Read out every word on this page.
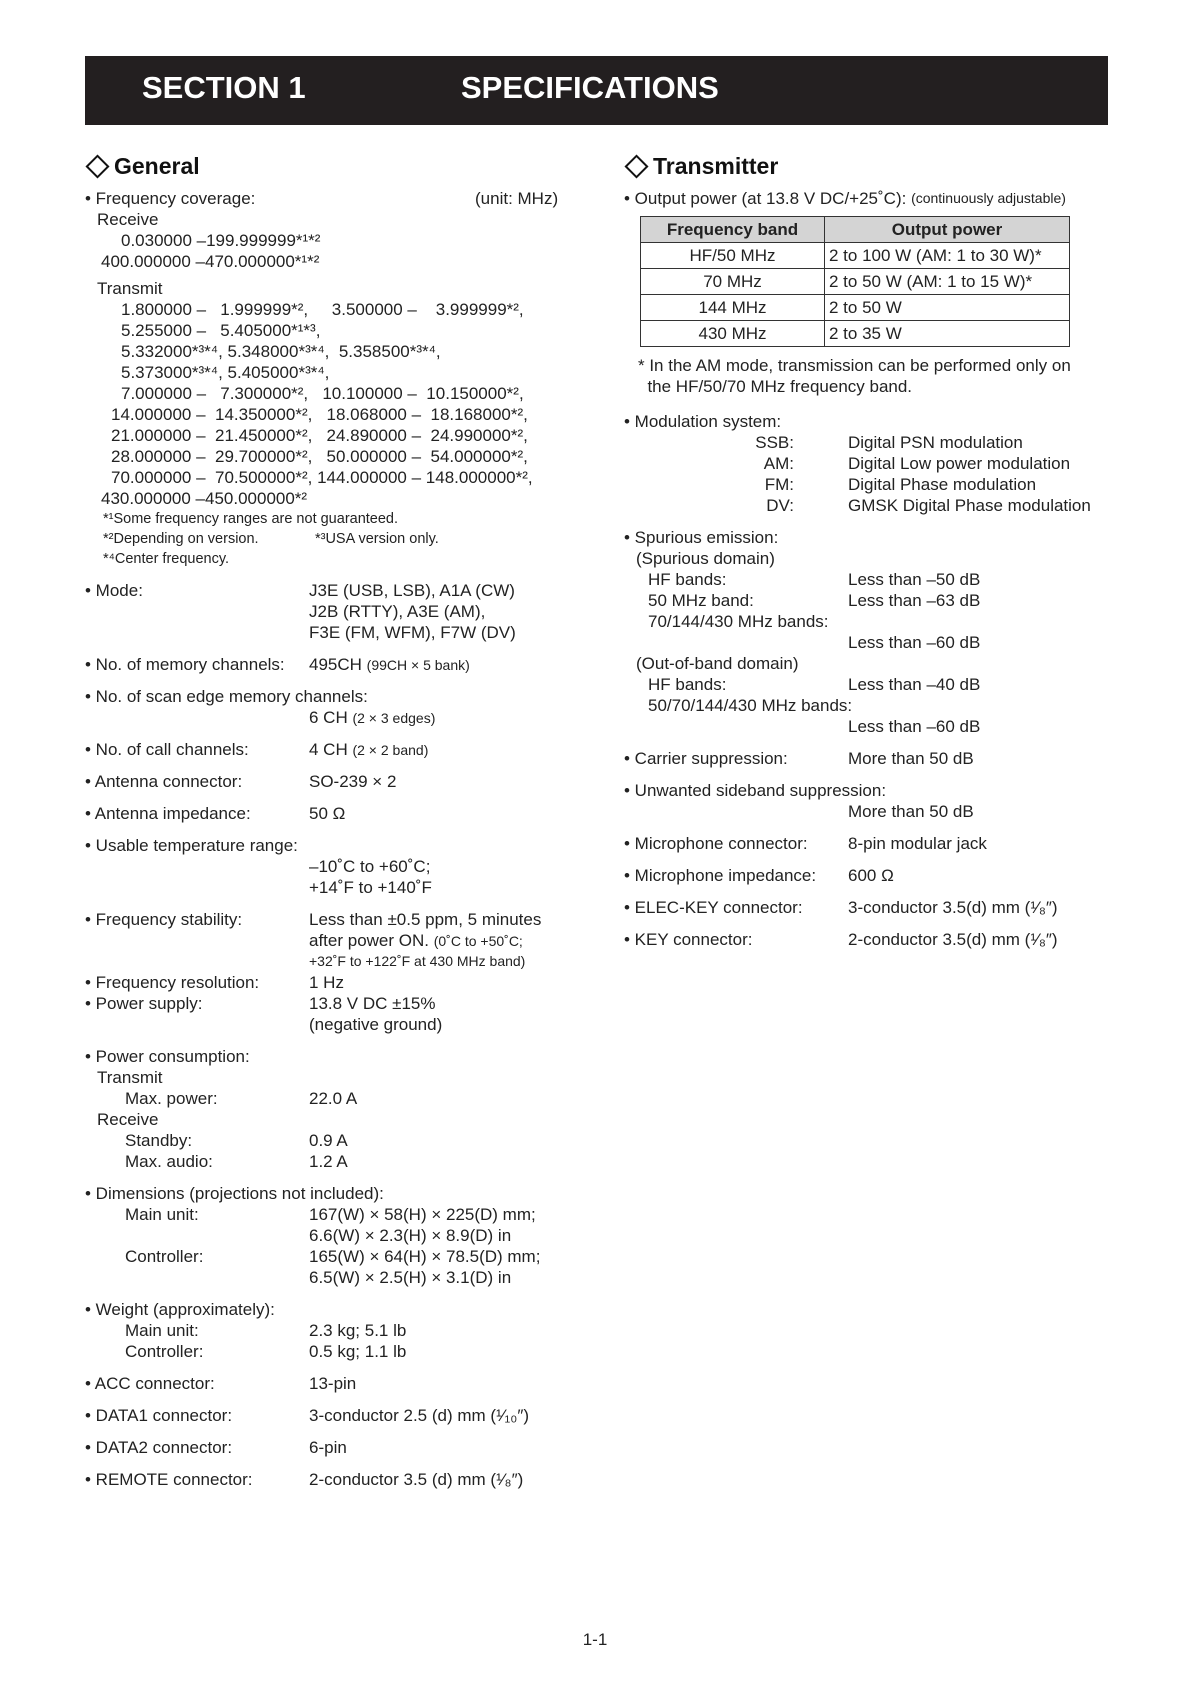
SECTION 1	SPECIFICATIONS
General
• Frequency coverage:	(unit: MHz)
Receive
0.030000 –199.999999*¹*²
400.000000 –470.000000*¹*²
Transmit
1.800000 –   1.999999*²,     3.500000 –    3.999999*²,
5.255000 –   5.405000*¹*³,
5.332000*³*⁴, 5.348000*³*⁴,  5.358500*³*⁴,
5.373000*³*⁴, 5.405000*³*⁴,
7.000000 –   7.300000*²,   10.100000 –  10.150000*²,
14.000000 –  14.350000*²,   18.068000 –  18.168000*²,
21.000000 –  21.450000*²,   24.890000 –  24.990000*²,
28.000000 –  29.700000*²,   50.000000 –  54.000000*²,
70.000000 –  70.500000*², 144.000000 – 148.000000*²,
430.000000 –450.000000*²
*¹Some frequency ranges are not guaranteed.
*²Depending on version.              *³USA version only.
*⁴Center frequency.
• Mode:	J3E (USB, LSB), A1A (CW)
J2B (RTTY), A3E (AM),
F3E (FM, WFM), F7W (DV)
• No. of memory channels:	495CH (99CH × 5 bank)
• No. of scan edge memory channels:
6 CH (2 × 3 edges)
• No. of call channels:	4 CH (2 × 2 band)
• Antenna connector:	SO-239 × 2
• Antenna impedance:	50 Ω
• Usable temperature range:
–10˚C to +60˚C;
+14˚F to +140˚F
• Frequency stability:	Less than ±0.5 ppm, 5 minutes
after power ON. (0˚C to +50˚C;
+32˚F to +122˚F at 430 MHz band)
• Frequency resolution:	1 Hz
• Power supply:	13.8 V DC ±15%
(negative ground)
• Power consumption:
Transmit
Max. power:	22.0 A
Receive
Standby:	0.9 A
Max. audio:	1.2 A
• Dimensions (projections not included):
Main unit:	167(W) × 58(H) × 225(D) mm;
6.6(W) × 2.3(H) × 8.9(D) in
Controller:	165(W) × 64(H) × 78.5(D) mm;
6.5(W) × 2.5(H) × 3.1(D) in
• Weight (approximately):
Main unit:	2.3 kg; 5.1 lb
Controller:	0.5 kg; 1.1 lb
• ACC connector:	13-pin
• DATA1 connector:	3-conductor 2.5 (d) mm (¹⁄₁₀″)
• DATA2 connector:	6-pin
• REMOTE connector:	2-conductor 3.5 (d) mm (¹⁄₈″)
Transmitter
• Output power (at 13.8 V DC/+25˚C):
(continuously adjustable)
Frequency band	Output power
HF/50 MHz	2 to 100 W (AM: 1 to 30 W)*
70 MHz	2 to 50 W (AM: 1 to 15 W)*
144 MHz	2 to 50 W
430 MHz	2 to 35 W
* In the AM mode, transmission can be performed only on
the HF/50/70 MHz frequency band.
• Modulation system:
SSB:	Digital PSN modulation
AM:	Digital Low power modulation
FM:	Digital Phase modulation
DV:	GMSK Digital Phase modulation
• Spurious emission:
(Spurious domain)
HF bands:	Less than –50 dB
50 MHz band:	Less than –63 dB
70/144/430 MHz bands:
Less than –60 dB
(Out-of-band domain)
HF bands:	Less than –40 dB
50/70/144/430 MHz bands:
Less than –60 dB
• Carrier suppression:	More than 50 dB
• Unwanted sideband suppression:
More than 50 dB
• Microphone connector:	8-pin modular jack
• Microphone impedance:	600 Ω
• ELEC-KEY connector:	3-conductor 3.5(d) mm (¹⁄₈″)
• KEY connector:	2-conductor 3.5(d) mm (¹⁄₈″)
1-1
